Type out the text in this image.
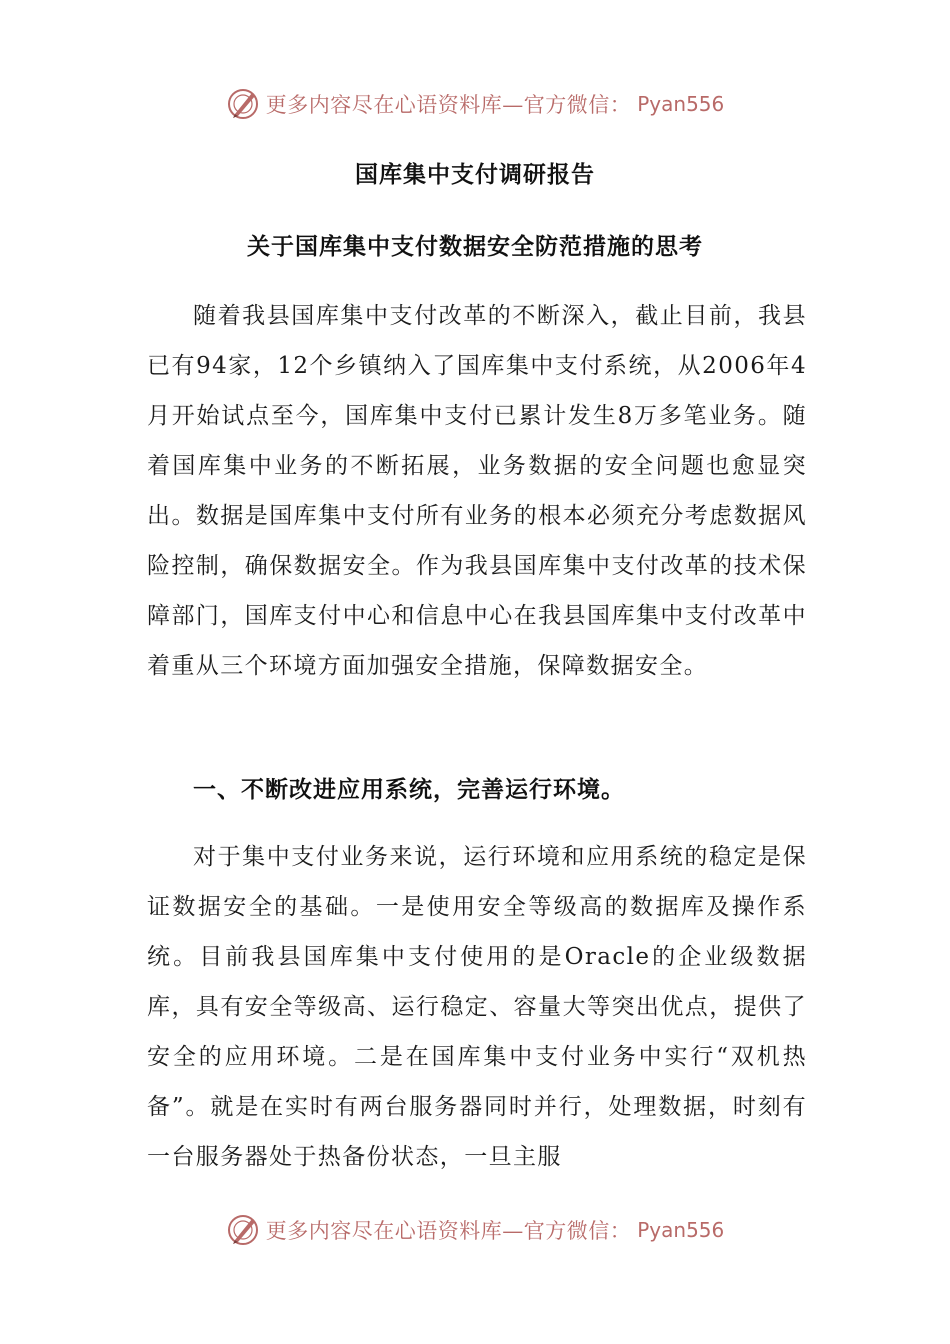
更多内容尽在心语资料库—官方微信： Pyan556
国库集中支付调研报告
关于国库集中支付数据安全防范措施的思考

随着我县国库集中支付改革的不断深入，截止目前，我县已有94家，12个乡镇纳入了国库集中支付系统，从2006年4月开始试点至今，国库集中支付已累计发生8万多笔业务。随着国库集中业务的不断拓展，业务数据的安全问题也愈显突出。数据是国库集中支付所有业务的根本必须充分考虑数据风险控制，确保数据安全。作为我县国库集中支付改革的技术保障部门，国库支付中心和信息中心在我县国库集中支付改革中着重从三个环境方面加强安全措施，保障数据安全。

一、不断改进应用系统，完善运行环境。

对于集中支付业务来说，运行环境和应用系统的稳定是保证数据安全的基础。一是使用安全等级高的数据库及操作系统。目前我县国库集中支付使用的是Oracle的企业级数据库，具有安全等级高、运行稳定、容量大等突出优点，提供了安全的应用环境。二是在国库集中支付业务中实行“双机热备”。就是在实时有两台服务器同时并行，处理数据，时刻有一台服务器处于热备份状态，一旦主服

更多内容尽在心语资料库—官方微信： Pyan556
